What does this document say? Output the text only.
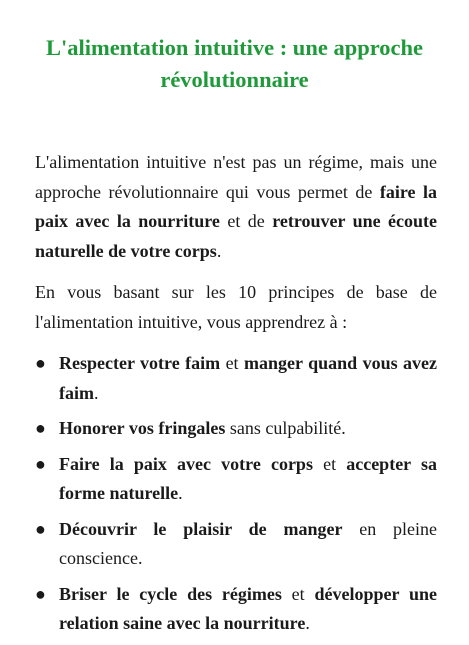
L'alimentation intuitive : une approche révolutionnaire

L'alimentation intuitive n'est pas un régime, mais une approche révolutionnaire qui vous permet de faire la paix avec la nourriture et de retrouver une écoute naturelle de votre corps.

En vous basant sur les 10 principes de base de l'alimentation intuitive, vous apprendrez à :

● Respecter votre faim et manger quand vous avez faim.
● Honorer vos fringales sans culpabilité.
● Faire la paix avec votre corps et accepter sa forme naturelle.
● Découvrir le plaisir de manger en pleine conscience.
● Briser le cycle des régimes et développer une relation saine avec la nourriture.
